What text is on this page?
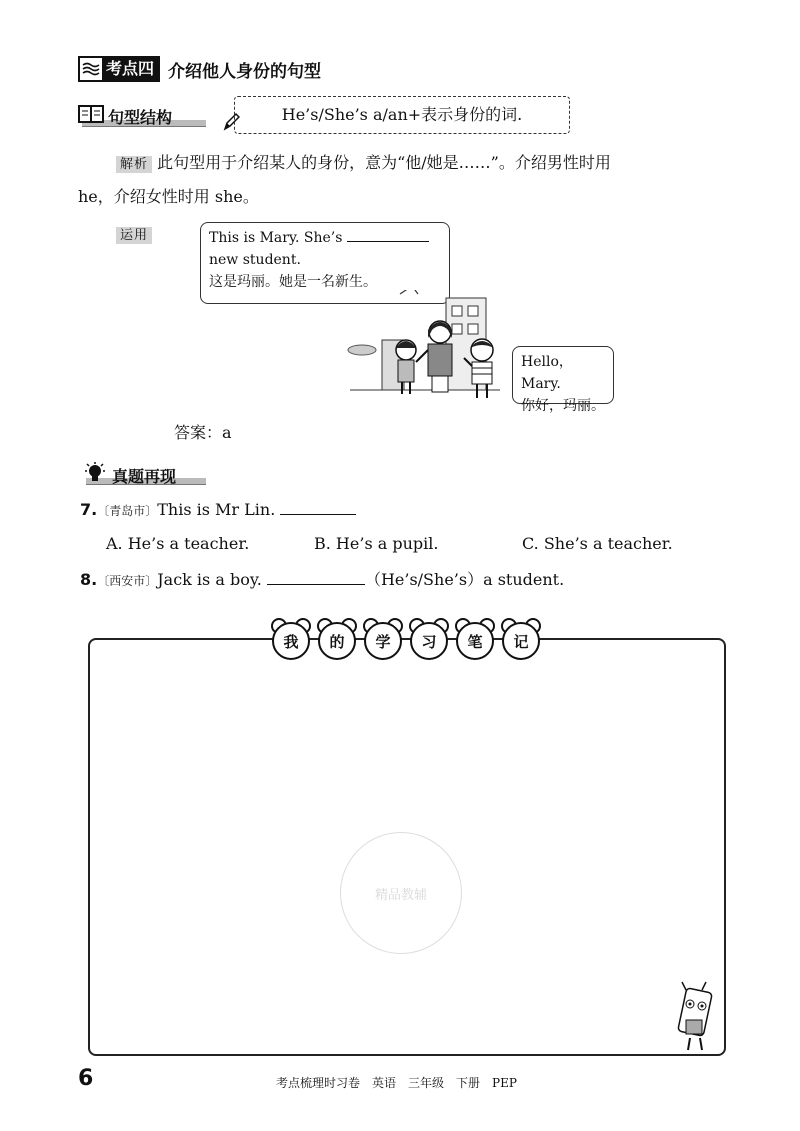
考点四 介绍他人身份的句型
句型结构	He’s/She’s a/an+表示身份的词.
解析 此句型用于介绍某人的身份，意为“他/她是……”。介绍男性时用
he，介绍女性时用 she。
运用	This is Mary. She’s
new student.
这是玛丽。她是一名新生。
Hello，Mary.
你好，玛丽。
答案：a
真题再现
7.〔青岛市〕This is Mr Lin.
A. He’s a teacher.	B. He’s a pupil.	C. She’s a teacher.
8.〔西安市〕Jack is a boy.	（He’s/She’s）a student.
我	的	学	习	笔	记
精品教辅
6	考点梳理时习卷　英语　三年级　下册　PEP
